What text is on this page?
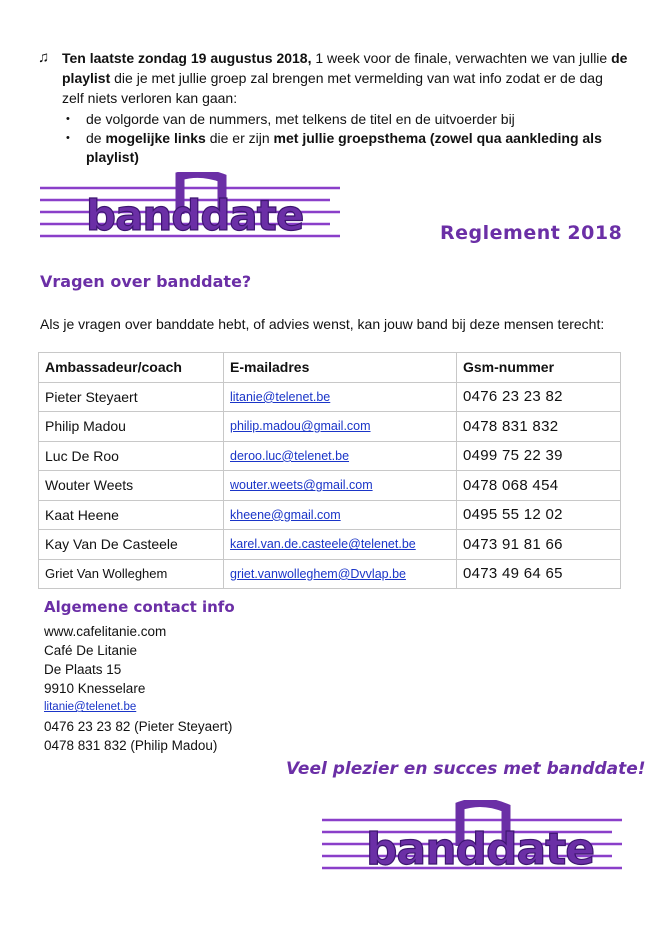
♫ Ten laatste zondag 19 augustus 2018, 1 week voor de finale, verwachten we van jullie de playlist die je met jullie groep zal brengen met vermelding van wat info zodat er de dag zelf niets verloren kan gaan:
• de volgorde van de nummers, met telkens de titel en de uitvoerder bij
• de mogelijke links die er zijn met jullie groepsthema (zowel qua aankleding als playlist)
banddate	Reglement 2018
Vragen over banddate?
Als je vragen over banddate hebt, of advies wenst, kan jouw band bij deze mensen terecht:
Ambassadeur/coach	E-mailadres	Gsm-nummer
Pieter Steyaert	litanie@telenet.be	0476 23 23 82
Philip Madou	philip.madou@gmail.com	0478 831 832
Luc De Roo	deroo.luc@telenet.be	0499 75 22 39
Wouter Weets	wouter.weets@gmail.com	0478 068 454
Kaat Heene	kheene@gmail.com	0495 55 12 02
Kay Van De Casteele	karel.van.de.casteele@telenet.be	0473 91 81 66
Griet Van Wolleghem	griet.vanwolleghem@Dvvlap.be	0473 49 64 65
Algemene contact info
www.cafelitanie.com
Café De Litanie
De Plaats 15
9910 Knesselare
litanie@telenet.be
0476 23 23 82 (Pieter Steyaert)
0478 831 832 (Philip Madou)
Veel plezier en succes met banddate!
banddate
